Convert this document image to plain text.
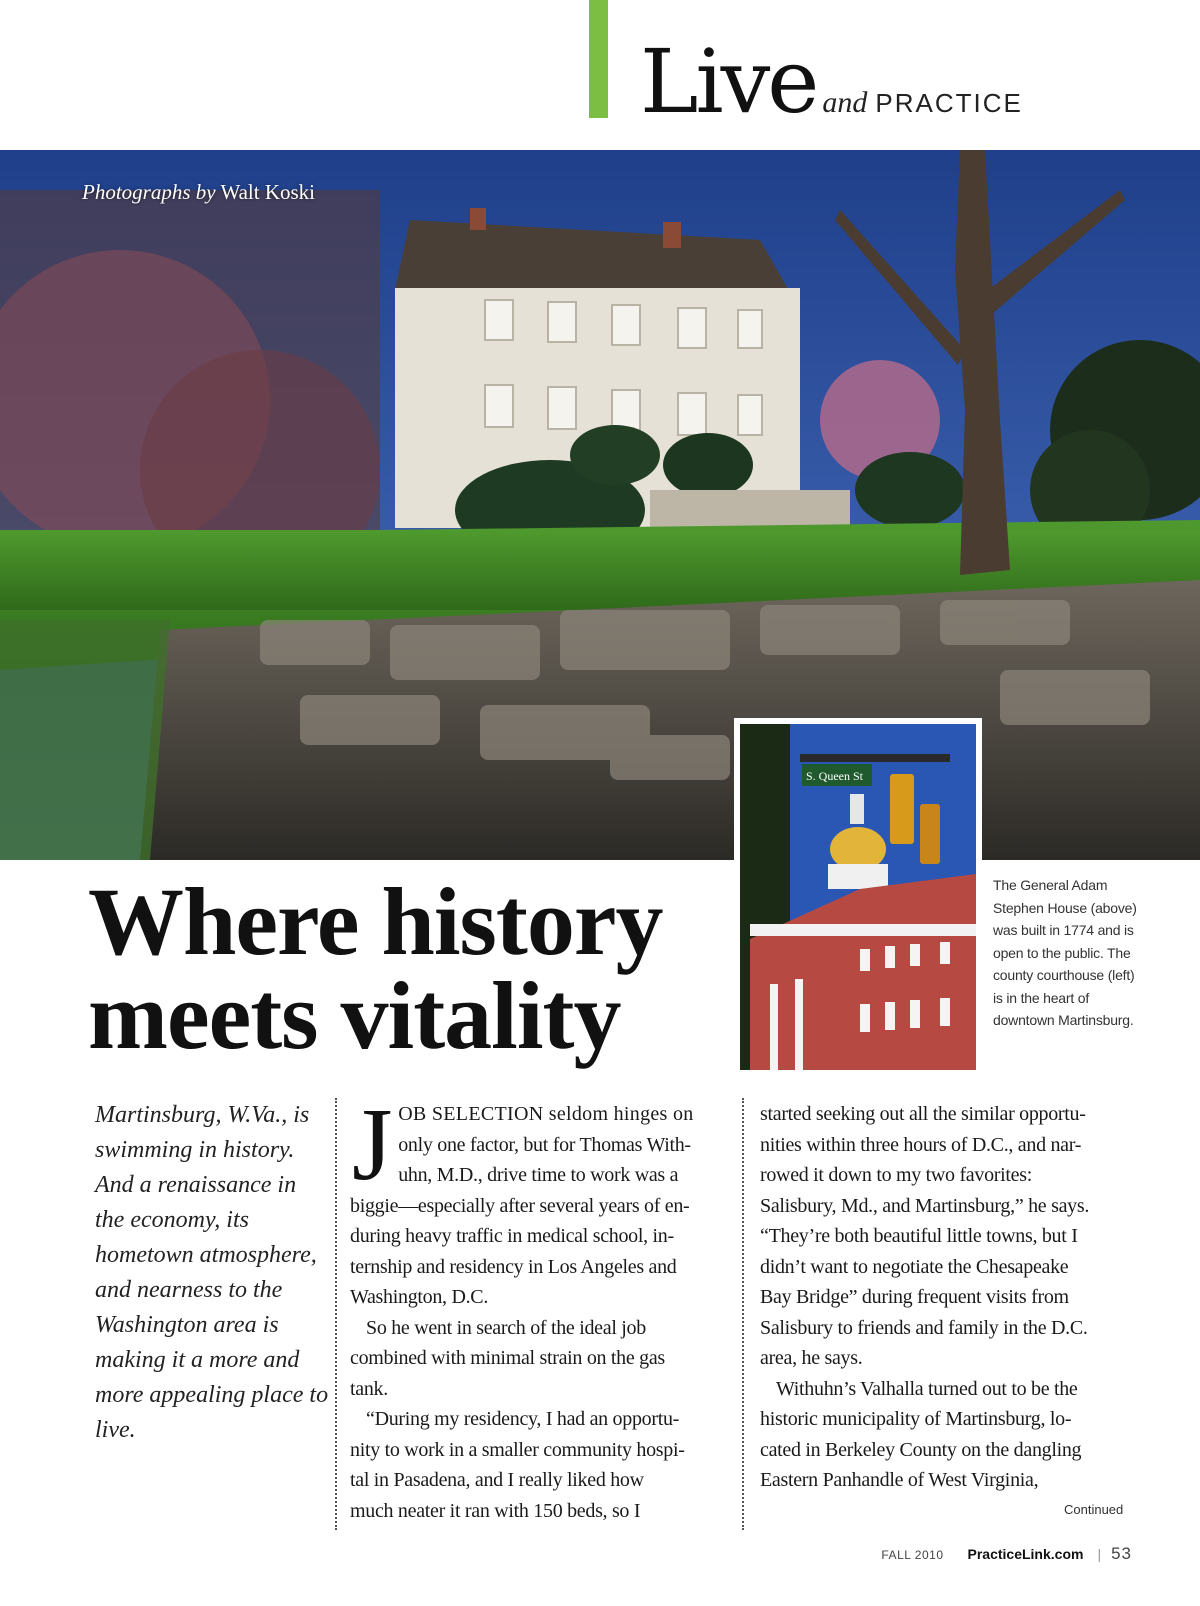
Live and PRACTICE
Photographs by Walt Koski
S. Queen St
The General Adam Stephen House (above) was built in 1774 and is open to the public. The county courthouse (left) is in the heart of downtown Martinsburg.
Where history
meets vitality
Martinsburg, W.Va., is swimming in history. And a renaissance in the economy, its hometown atmosphere, and nearness to the Washington area is making it a more and more appealing place to live.
J OB SELECTION seldom hinges on
only one factor, but for Thomas With-
uhn, M.D., drive time to work was a

biggie—especially after several years of en-

during heavy traffic in medical school, in-

ternship and residency in Los Angeles and

Washington, D.C.

So he went in search of the ideal job

combined with minimal strain on the gas

tank.

“During my residency, I had an opportu-

nity to work in a smaller community hospi-

tal in Pasadena, and I really liked how

much neater it ran with 150 beds, so I

started seeking out all the similar opportu-

nities within three hours of D.C., and nar-

rowed it down to my two favorites:

Salisbury, Md., and Martinsburg,” he says.

“They’re both beautiful little towns, but I

didn’t want to negotiate the Chesapeake

Bay Bridge” during frequent visits from

Salisbury to friends and family in the D.C.

area, he says.

Withuhn’s Valhalla turned out to be the

historic municipality of Martinsburg, lo-

cated in Berkeley County on the dangling

Eastern Panhandle of West Virginia,

Continued
FALL 2010 PracticeLink.com | 53
